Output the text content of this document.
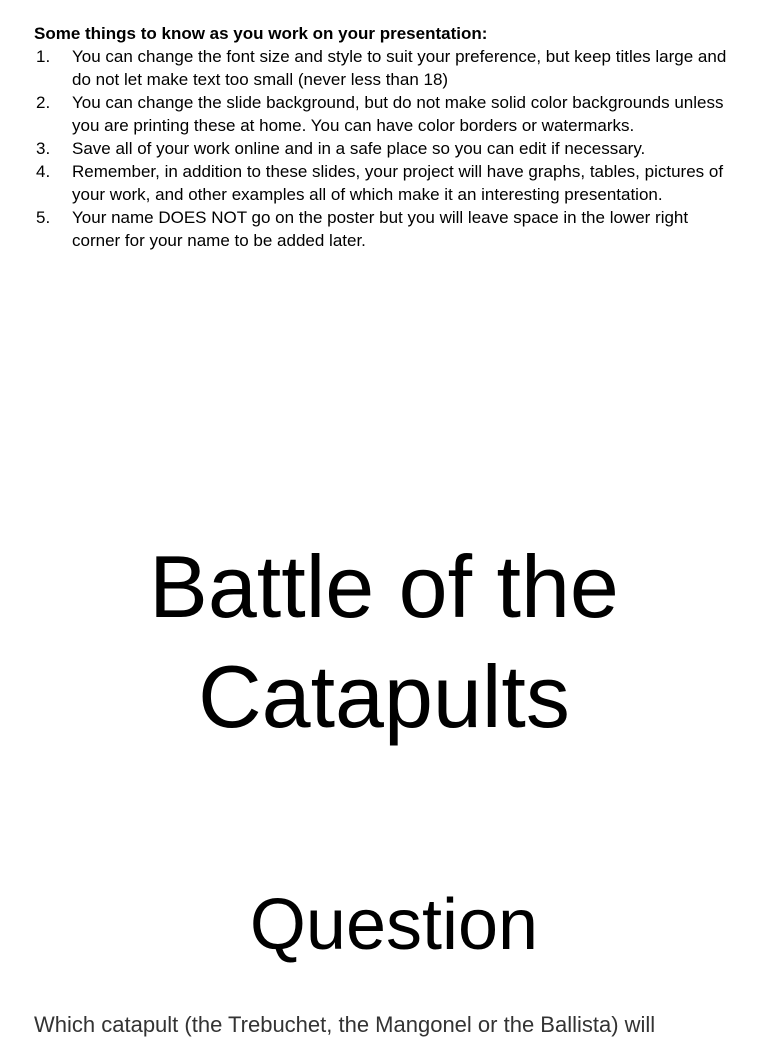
Some things to know as you work on your presentation:

1. You can change the font size and style to suit your preference, but keep titles large and do not let make text too small (never less than 18)
2. You can change the slide background, but do not make solid color backgrounds unless you are printing these at home. You can have color borders or watermarks.
3. Save all of your work online and in a safe place so you can edit if necessary.
4. Remember, in addition to these slides, your project will have graphs, tables, pictures of your work, and other examples all of which make it an interesting presentation.
5. Your name DOES NOT go on the poster but you will leave space in the lower right corner for your name to be added later.
Battle of the
Catapults
Question
Which catapult (the Trebuchet, the Mangonel or the Ballista) will
